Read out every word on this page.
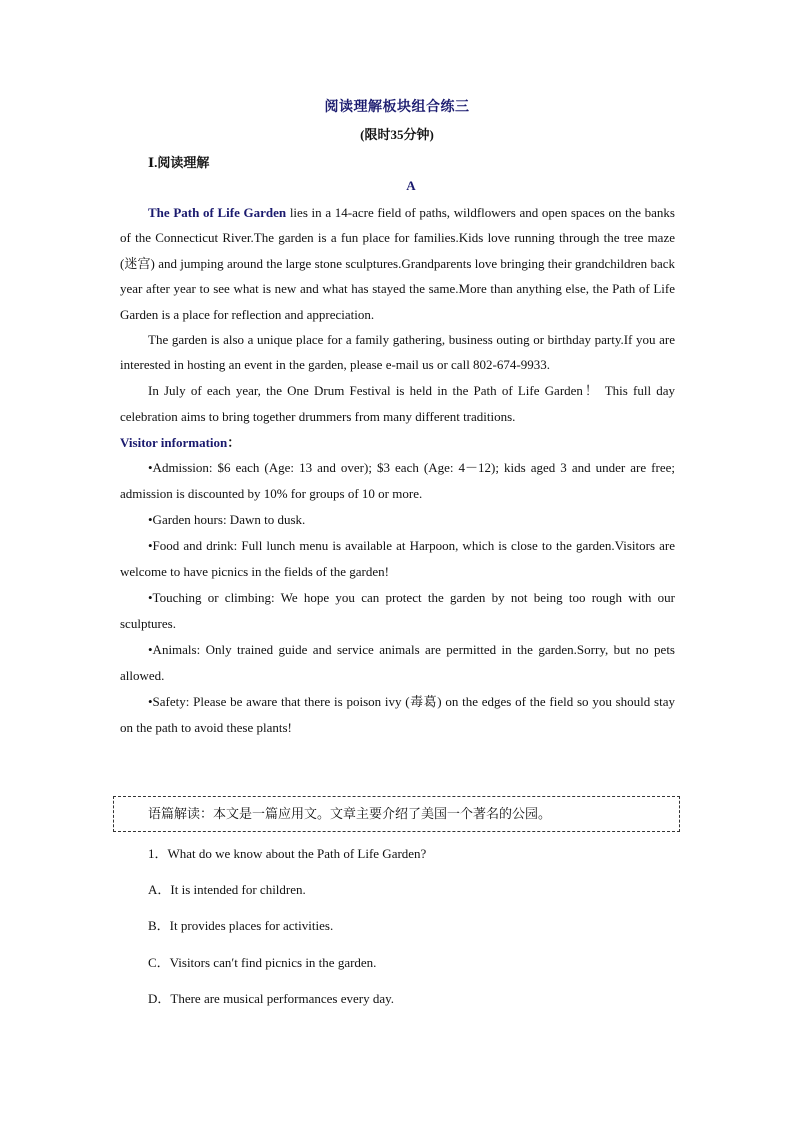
阅读理解板块组合练三
(限时35分钟)
Ⅰ.阅读理解
A

The Path of Life Garden lies in a 14-acre field of paths, wildflowers and open spaces on the banks of the Connecticut River.The garden is a fun place for families.Kids love running through the tree maze (迷宫) and jumping around the large stone sculptures.Grandparents love bringing their grandchildren back year after year to see what is new and what has stayed the same.More than anything else, the Path of Life Garden is a place for reflection and appreciation.

The garden is also a unique place for a family gathering, business outing or birthday party.If you are interested in hosting an event in the garden, please e-mail us or call 802-674-9933.

In July of each year, the One Drum Festival is held in the Path of Life Garden！ This full day celebration aims to bring together drummers from many different traditions.

Visitor information：

•Admission: $6 each (Age: 13 and over); $3 each (Age: 4－12); kids aged 3 and under are free; admission is discounted by 10% for groups of 10 or more.

•Garden hours: Dawn to dusk.

•Food and drink: Full lunch menu is available at Harpoon, which is close to the garden.Visitors are welcome to have picnics in the fields of the garden!

•Touching or climbing: We hope you can protect the garden by not being too rough with our sculptures.

•Animals: Only trained guide and service animals are permitted in the garden.Sorry, but no pets allowed.

•Safety: Please be aware that there is poison ivy (毒葛) on the edges of the field so you should stay on the path to avoid these plants!

语篇解读：本文是一篇应用文。文章主要介绍了美国一个著名的公园。
1．What do we know about the Path of Life Garden?
A．It is intended for children.
B．It provides places for activities.
C．Visitors can′t find picnics in the garden.
D．There are musical performances every day.
